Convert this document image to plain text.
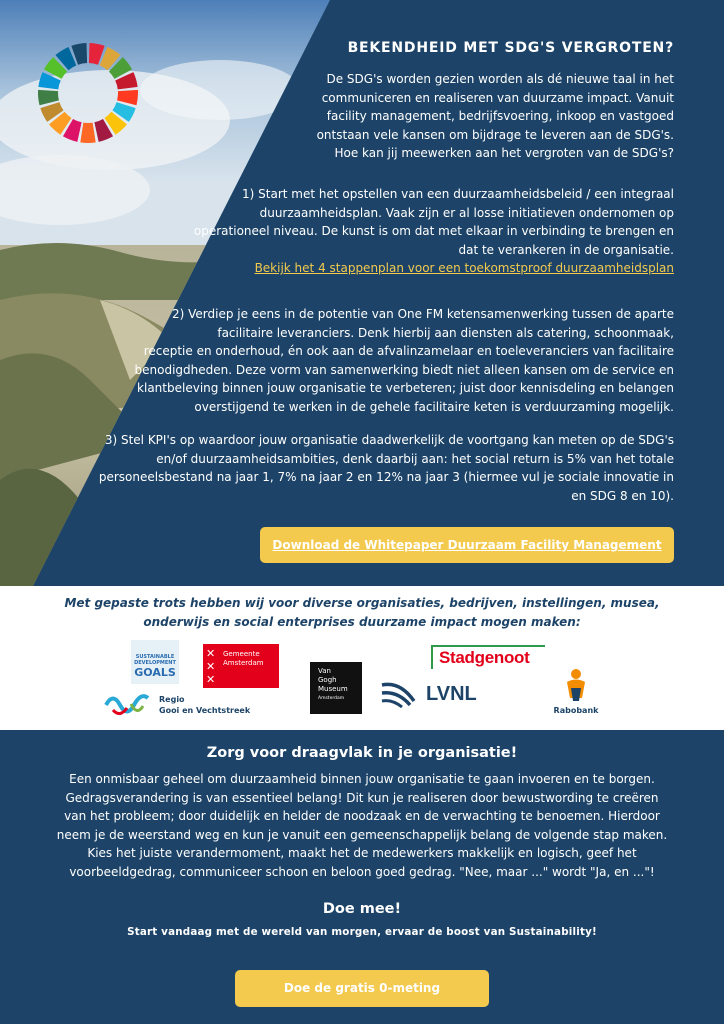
BEKENDHEID MET SDG'S VERGROTEN?
De SDG's worden gezien worden als dé nieuwe taal in het
communiceren en realiseren van duurzame impact. Vanuit
facility management, bedrijfsvoering, inkoop en vastgoed
ontstaan vele kansen om bijdrage te leveren aan de SDG's.
Hoe kan jij meewerken aan het vergroten van de SDG's?
1) Start met het opstellen van een duurzaamheidsbeleid / een integraal
duurzaamheidsplan. Vaak zijn er al losse initiatieven ondernomen op
operationeel niveau. De kunst is om dat met elkaar in verbinding te brengen en
dat te verankeren in de organisatie.
Bekijk het 4 stappenplan voor een toekomstproof duurzaamheidsplan
2) Verdiep je eens in de potentie van One FM ketensamenwerking tussen de aparte
facilitaire leveranciers. Denk hierbij aan diensten als catering, schoonmaak,
receptie en onderhoud, én ook aan de afvalinzamelaar en toeleveranciers van facilitaire
benodigdheden. Deze vorm van samenwerking biedt niet alleen kansen om de service en
klantbeleving binnen jouw organisatie te verbeteren; juist door kennisdeling en belangen
overstijgend te werken in de gehele facilitaire keten is verduurzaming mogelijk.
3) Stel KPI's op waardoor jouw organisatie daadwerkelijk de voortgang kan meten op de SDG's
en/of duurzaamheidsambities, denk daarbij aan: het social return is 5% van het totale
personeelsbestand na jaar 1, 7% na jaar 2 en 12% na jaar 3 (hiermee vul je sociale innovatie in
en SDG 8 en 10).
Download de Whitepaper Duurzaam Facility Management
Met gepaste trots hebben wij voor diverse organisaties, bedrijven, instellingen, musea,
onderwijs en social enterprises duurzame impact mogen maken:
SUSTAINABLE
DEVELOPMENT
GOALS
✕
✕
✕
Gemeente
Amsterdam
Regio
Gooi en Vechtstreek
Van
Gogh
Museum
Amsterdam	LVNL
Stadgenoot
Rabobank
Zorg voor draagvlak in je organisatie!
Een onmisbaar geheel om duurzaamheid binnen jouw organisatie te gaan invoeren en te borgen.
Gedragsverandering is van essentieel belang! Dit kun je realiseren door bewustwording te creëren
van het probleem; door duidelijk en helder de noodzaak en de verwachting te benoemen. Hierdoor
neem je de weerstand weg en kun je vanuit een gemeenschappelijk belang de volgende stap maken.
Kies het juiste verandermoment, maakt het de medewerkers makkelijk en logisch, geef het
voorbeeldgedrag, communiceer schoon en beloon goed gedrag. "Nee, maar ..." wordt "Ja, en ..."!
Doe mee!
Start vandaag met de wereld van morgen, ervaar de boost van Sustainability!
Doe de gratis 0-meting
